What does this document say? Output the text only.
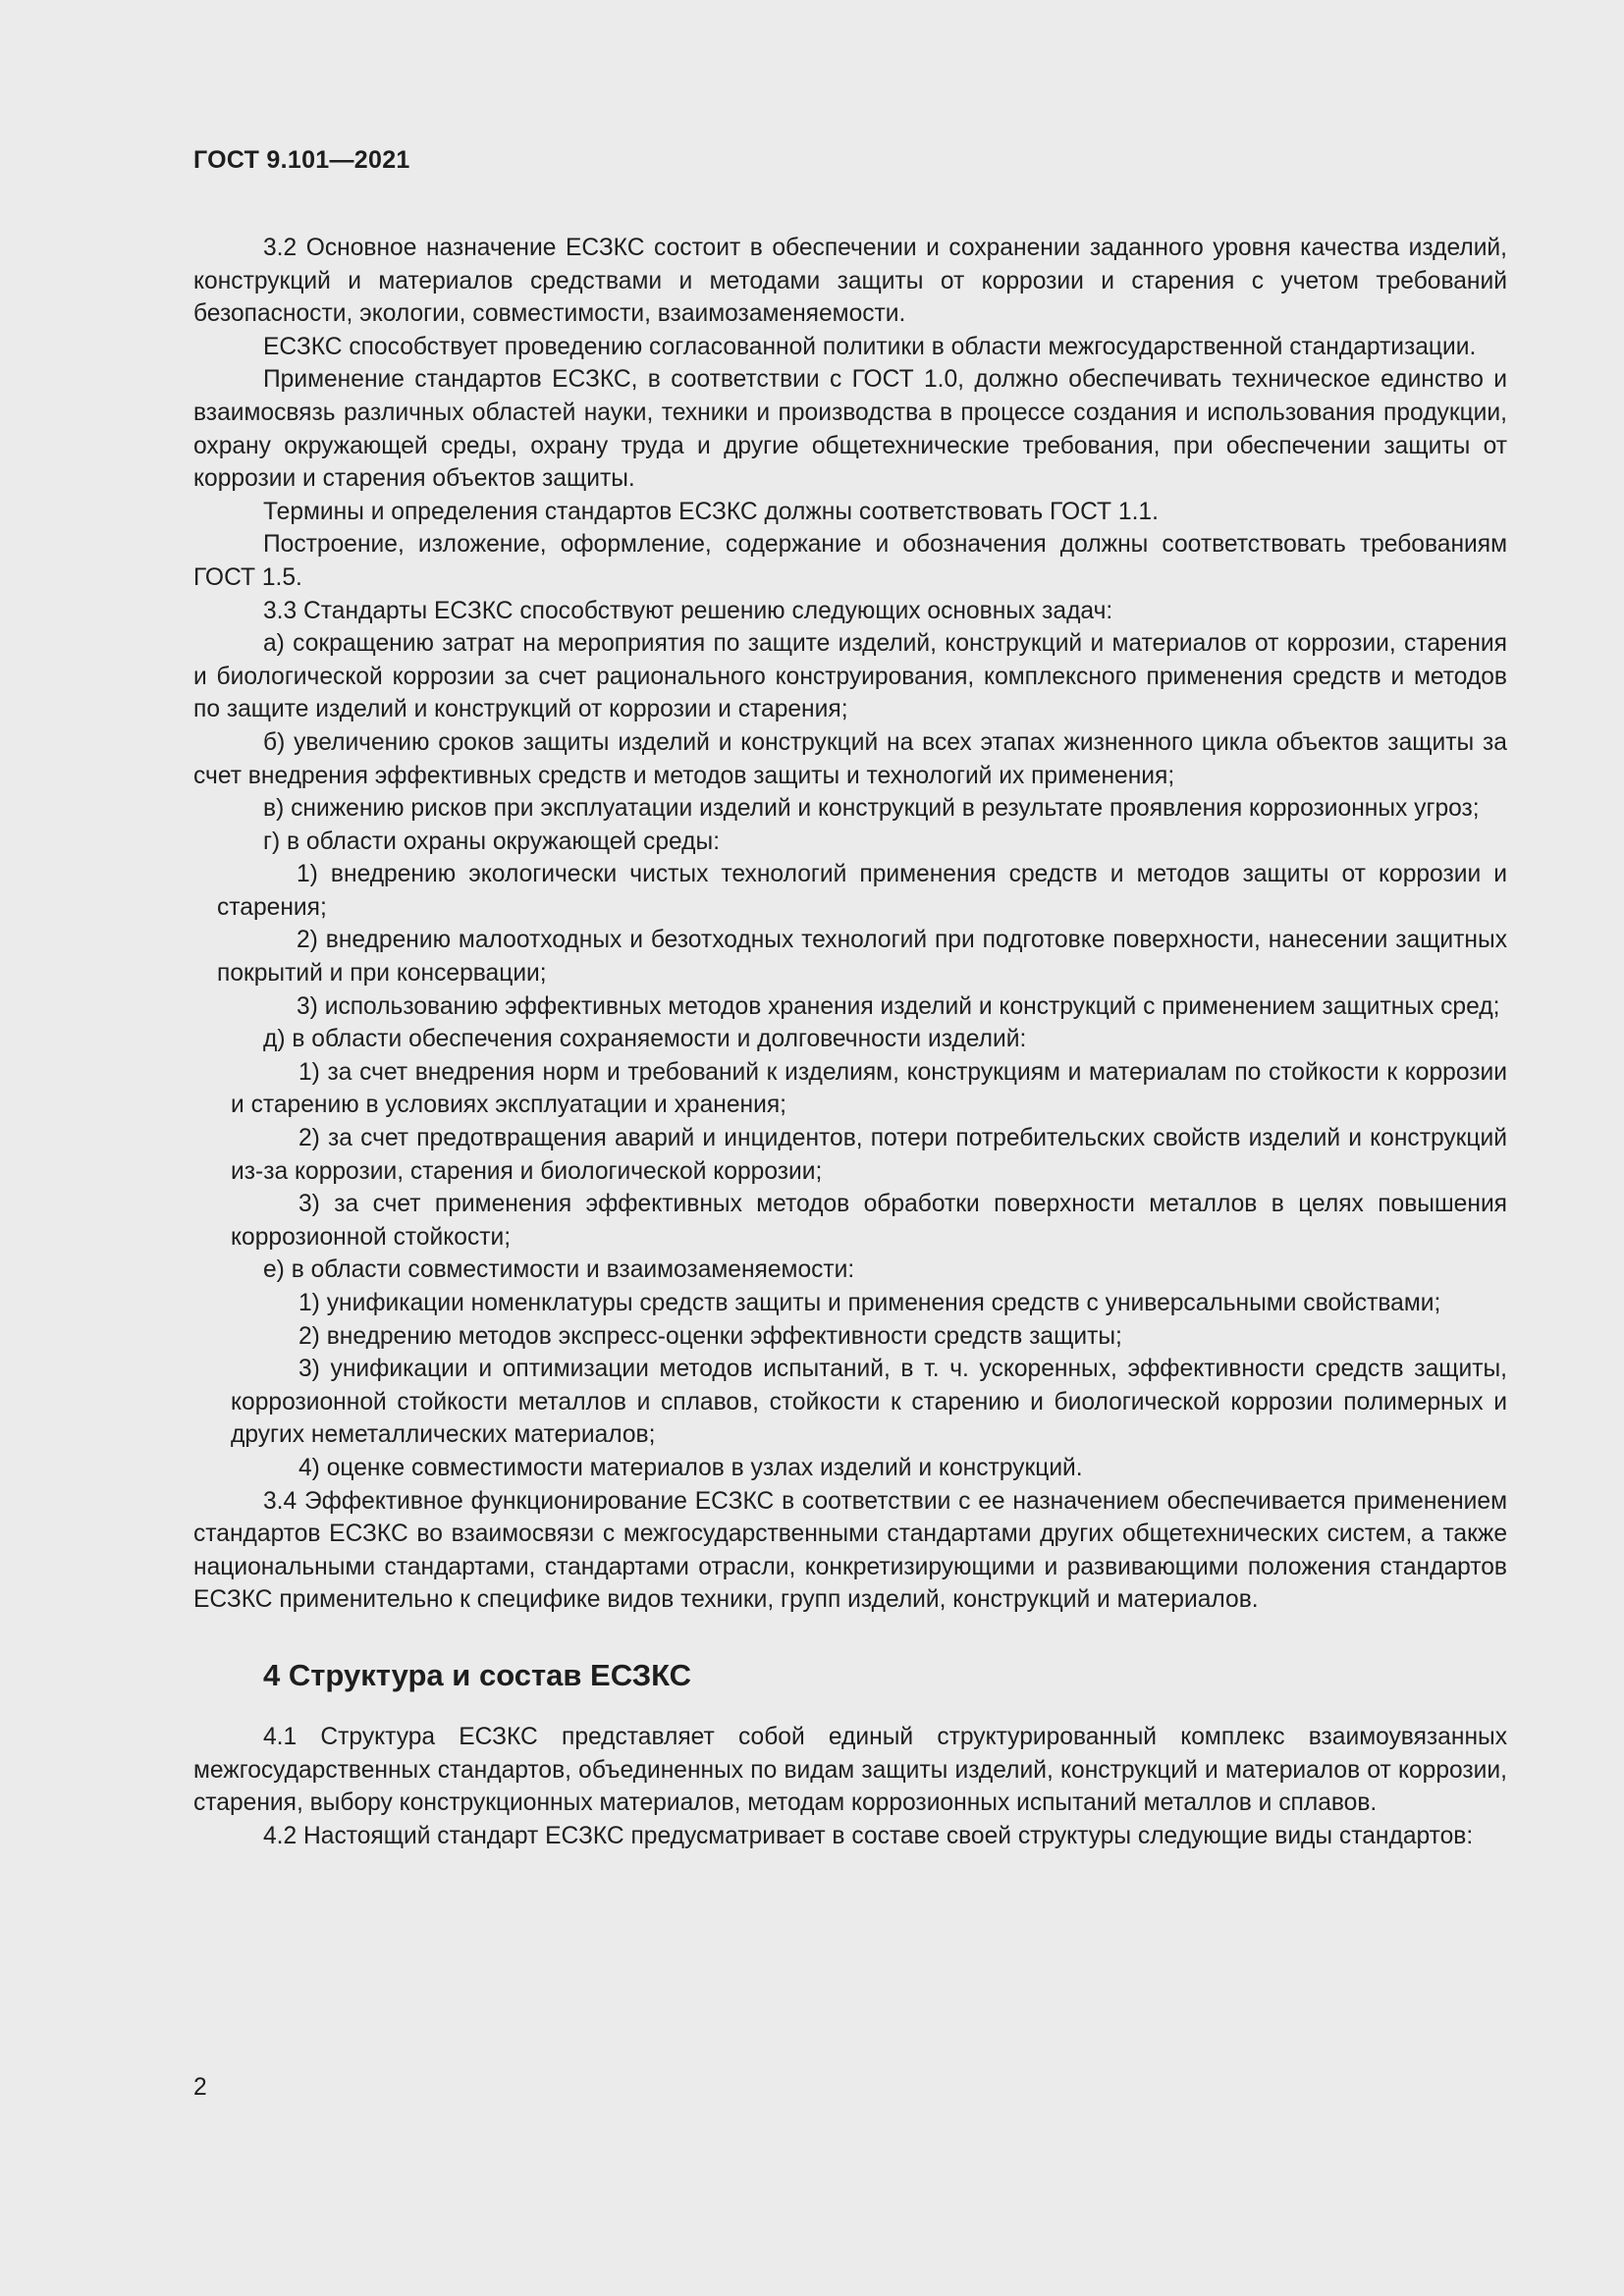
ГОСТ 9.101—2021

3.2 Основное назначение ЕСЗКС состоит в обеспечении и сохранении заданного уровня качества изделий, конструкций и материалов средствами и методами защиты от коррозии и старения с учетом требований безопасности, экологии, совместимости, взаимозаменяемости.

ЕСЗКС способствует проведению согласованной политики в области межгосударственной стандартизации.

Применение стандартов ЕСЗКС, в соответствии с ГОСТ 1.0, должно обеспечивать техническое единство и взаимосвязь различных областей науки, техники и производства в процессе создания и использования продукции, охрану окружающей среды, охрану труда и другие общетехнические требования, при обеспечении защиты от коррозии и старения объектов защиты.

Термины и определения стандартов ЕСЗКС должны соответствовать ГОСТ 1.1.

Построение, изложение, оформление, содержание и обозначения должны соответствовать требованиям ГОСТ 1.5.

3.3 Стандарты ЕСЗКС способствуют решению следующих основных задач:

а) сокращению затрат на мероприятия по защите изделий, конструкций и материалов от коррозии, старения и биологической коррозии за счет рационального конструирования, комплексного применения средств и методов по защите изделий и конструкций от коррозии и старения;

б) увеличению сроков защиты изделий и конструкций на всех этапах жизненного цикла объектов защиты за счет внедрения эффективных средств и методов защиты и технологий их применения;

в) снижению рисков при эксплуатации изделий и конструкций в результате проявления коррозионных угроз;

г) в области охраны окружающей среды:

1) внедрению экологически чистых технологий применения средств и методов защиты от коррозии и старения;

2) внедрению малоотходных и безотходных технологий при подготовке поверхности, нанесении защитных покрытий и при консервации;

3) использованию эффективных методов хранения изделий и конструкций с применением защитных сред;

д) в области обеспечения сохраняемости и долговечности изделий:

1) за счет внедрения норм и требований к изделиям, конструкциям и материалам по стойкости к коррозии и старению в условиях эксплуатации и хранения;

2) за счет предотвращения аварий и инцидентов, потери потребительских свойств изделий и конструкций из-за коррозии, старения и биологической коррозии;

3) за счет применения эффективных методов обработки поверхности металлов в целях повышения коррозионной стойкости;

е) в области совместимости и взаимозаменяемости:

1) унификации номенклатуры средств защиты и применения средств с универсальными свойствами;

2) внедрению методов экспресс-оценки эффективности средств защиты;

3) унификации и оптимизации методов испытаний, в т. ч. ускоренных, эффективности средств защиты, коррозионной стойкости металлов и сплавов, стойкости к старению и биологической коррозии полимерных и других неметаллических материалов;

4) оценке совместимости материалов в узлах изделий и конструкций.

3.4 Эффективное функционирование ЕСЗКС в соответствии с ее назначением обеспечивается применением стандартов ЕСЗКС во взаимосвязи с межгосударственными стандартами других общетехнических систем, а также национальными стандартами, стандартами отрасли, конкретизирующими и развивающими положения стандартов ЕСЗКС применительно к специфике видов техники, групп изделий, конструкций и материалов.

4 Структура и состав ЕСЗКС

4.1 Структура ЕСЗКС представляет собой единый структурированный комплекс взаимоувязанных межгосударственных стандартов, объединенных по видам защиты изделий, конструкций и материалов от коррозии, старения, выбору конструкционных материалов, методам коррозионных испытаний металлов и сплавов.

4.2 Настоящий стандарт ЕСЗКС предусматривает в составе своей структуры следующие виды стандартов:

2
